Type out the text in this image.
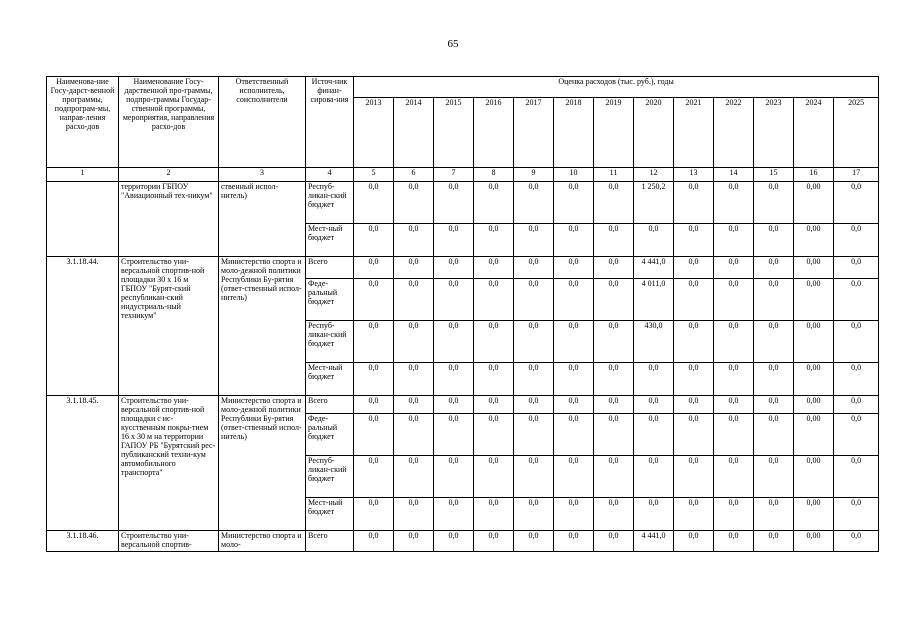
65
Наименова-ние Госу-дарст-венной программы, подпрограм-мы, направ-ления расхо-дов	Наименование Госу-дарственной про-граммы, подпро-граммы Государ-ственной программы, мероприятия, направления расхо-дов	Ответственный исполнитель, соисполнители	Источ-ник финан-сирова-ния	Оценка расходов (тыс. руб.), годы												
				2013	2014	2015	2016	2017	2018	2019	2020	2021	2022	2023	2024	2025
1	2	3	4	5	6	7	8	9	10	11	12	13	14	15	16	17
	территории ГБПОУ "Авиационный тех-никум"	ственный испол-нитель)	Респуб-ликан-ский бюджет	0,0	0,0	0,0	0,0	0,0	0,0	0,0	1 250,2	0,0	0,0	0,0	0,00	0,0
			Мест-ный бюджет	0,0	0,0	0,0	0,0	0,0	0,0	0,0	0,0	0,0	0,0	0,0	0,00	0,0
3.1.18.44.	Строительство уни-версальной спортив-ной площадки 30 х 16 м ГБПОУ "Бурят-ский республикан-ский индустриаль-ный техникум"	Министерство спорта и моло-дежной политики Республики Бу-рятия (ответ-ственный испол-нитель)	Всего	0,0	0,0	0,0	0,0	0,0	0,0	0,0	4 441,0	0,0	0,0	0,0	0,00	0,0
			Феде-ральный бюджет	0,0	0,0	0,0	0,0	0,0	0,0	0,0	4 011,0	0,0	0,0	0,0	0,00	0,0
			Респуб-ликан-ский бюджет	0,0	0,0	0,0	0,0	0,0	0,0	0,0	430,0	0,0	0,0	0,0	0,00	0,0
			Мест-ный бюджет	0,0	0,0	0,0	0,0	0,0	0,0	0,0	0,0	0,0	0,0	0,0	0,00	0,0
3.1.18.45.	Строительство уни-версальной спортив-ной площадки с ис-кусственным покры-тием 16 х 30 м на территории ГАПОУ РБ "Бурятский рес-публиканский техни-кум автомобильного транспорта"	Министерство спорта и моло-дежной политики Республики Бу-рятия (ответ-ственный испол-нитель)	Всего	0,0	0,0	0,0	0,0	0,0	0,0	0,0	0,0	0,0	0,0	0,0	0,00	0,0
			Феде-ральный бюджет	0,0	0,0	0,0	0,0	0,0	0,0	0,0	0,0	0,0	0,0	0,0	0,00	0,0
			Респуб-ликан-ский бюджет	0,0	0,0	0,0	0,0	0,0	0,0	0,0	0,0	0,0	0,0	0,0	0,00	0,0
			Мест-ный бюджет	0,0	0,0	0,0	0,0	0,0	0,0	0,0	0,0	0,0	0,0	0,0	0,00	0,0
3.1.18.46.	Строительство уни-версальной спортив-	Министерство спорта и моло-	Всего	0,0	0,0	0,0	0,0	0,0	0,0	0,0	4 441,0	0,0	0,0	0,0	0,00	0,0
